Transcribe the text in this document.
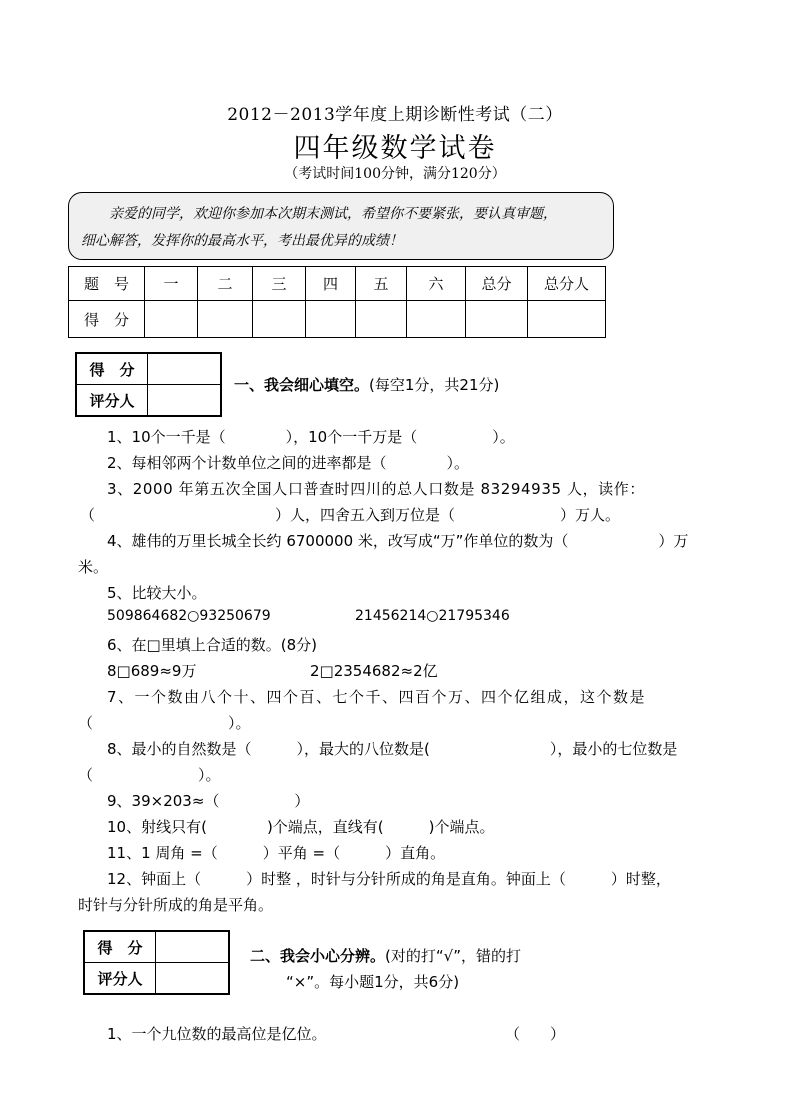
2012－2013学年度上期诊断性考试（二）
四年级数学试卷
（考试时间100分钟，满分120分）
亲爱的同学，欢迎你参加本次期末测试，希望你不要紧张，要认真审题，
细心解答，发挥你的最高水平，考出最优异的成绩！
题　号	一	二	三	四	五	六	总分	总分人
得　分								
得　分	
评分人	
一、我会细心填空。(每空1分，共21分)
1、10个一千是（　　　　），10个一千万是（　　　　　）。
2、每相邻两个计数单位之间的进率都是（　　　　）。
3、2000 年第五次全国人口普查时四川的总人口数是 83294935 人，读作：
（　　　　　　　　　　　　）人，四舍五入到万位是（　　　　　　　）万人。
4、雄伟的万里长城全长约 6700000 米，改写成“万”作单位的数为（　　　　　　）万
米。
5、比较大小。
509864682○93250679	21456214○21795346
6、在□里填上合适的数。(8分)
8□689≈9万	2□2354682≈2亿
7、一个数由八个十、四个百、七个千、四百个万、四个亿组成，这个数是
（　　　　　　　　　）。
8、最小的自然数是（　　　），最大的八位数是(　　　　　　　　），最小的七位数是
（　　　　　　　）。
9、39×203≈（　　　　　）
10、射线只有(　　　　)个端点，直线有(　　　)个端点。
11、1 周角 =（　　　）平角 =（　　　）直角。
12、钟面上（　　　）时整 ，时针与分针所成的角是直角。钟面上（　　　）时整，
时针与分针所成的角是平角。
得　分	
评分人	
二、我会小心分辨。(对的打“√”，错的打
“×”。每小题1分，共6分)
1、一个九位数的最高位是亿位。	（　　）
